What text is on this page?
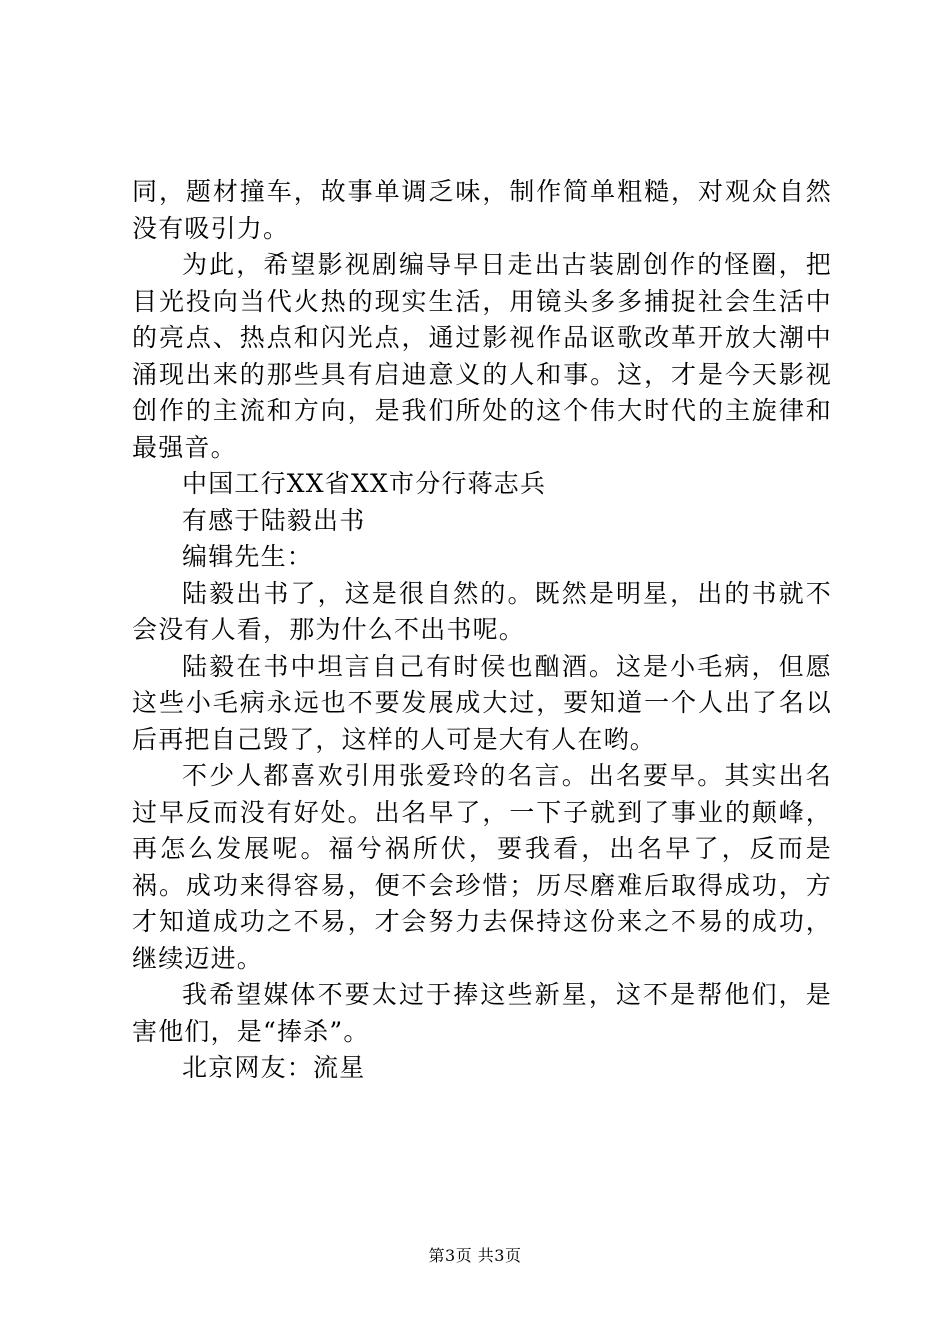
同，题材撞车，故事单调乏味，制作简单粗糙，对观众自然没有吸引力。

为此，希望影视剧编导早日走出古装剧创作的怪圈，把目光投向当代火热的现实生活，用镜头多多捕捉社会生活中的亮点、热点和闪光点，通过影视作品讴歌改革开放大潮中涌现出来的那些具有启迪意义的人和事。这，才是今天影视创作的主流和方向，是我们所处的这个伟大时代的主旋律和最强音。

中国工行XX省XX市分行蒋志兵

有感于陆毅出书

编辑先生：

陆毅出书了，这是很自然的。既然是明星，出的书就不会没有人看，那为什么不出书呢。

陆毅在书中坦言自己有时侯也酗酒。这是小毛病，但愿这些小毛病永远也不要发展成大过，要知道一个人出了名以后再把自己毁了，这样的人可是大有人在哟。

不少人都喜欢引用张爱玲的名言。出名要早。其实出名过早反而没有好处。出名早了，一下子就到了事业的颠峰，再怎么发展呢。福兮祸所伏，要我看，出名早了，反而是祸。成功来得容易，便不会珍惜；历尽磨难后取得成功，方才知道成功之不易，才会努力去保持这份来之不易的成功，继续迈进。

我希望媒体不要太过于捧这些新星，这不是帮他们，是害他们，是“捧杀”。

北京网友：流星

第3页 共3页
